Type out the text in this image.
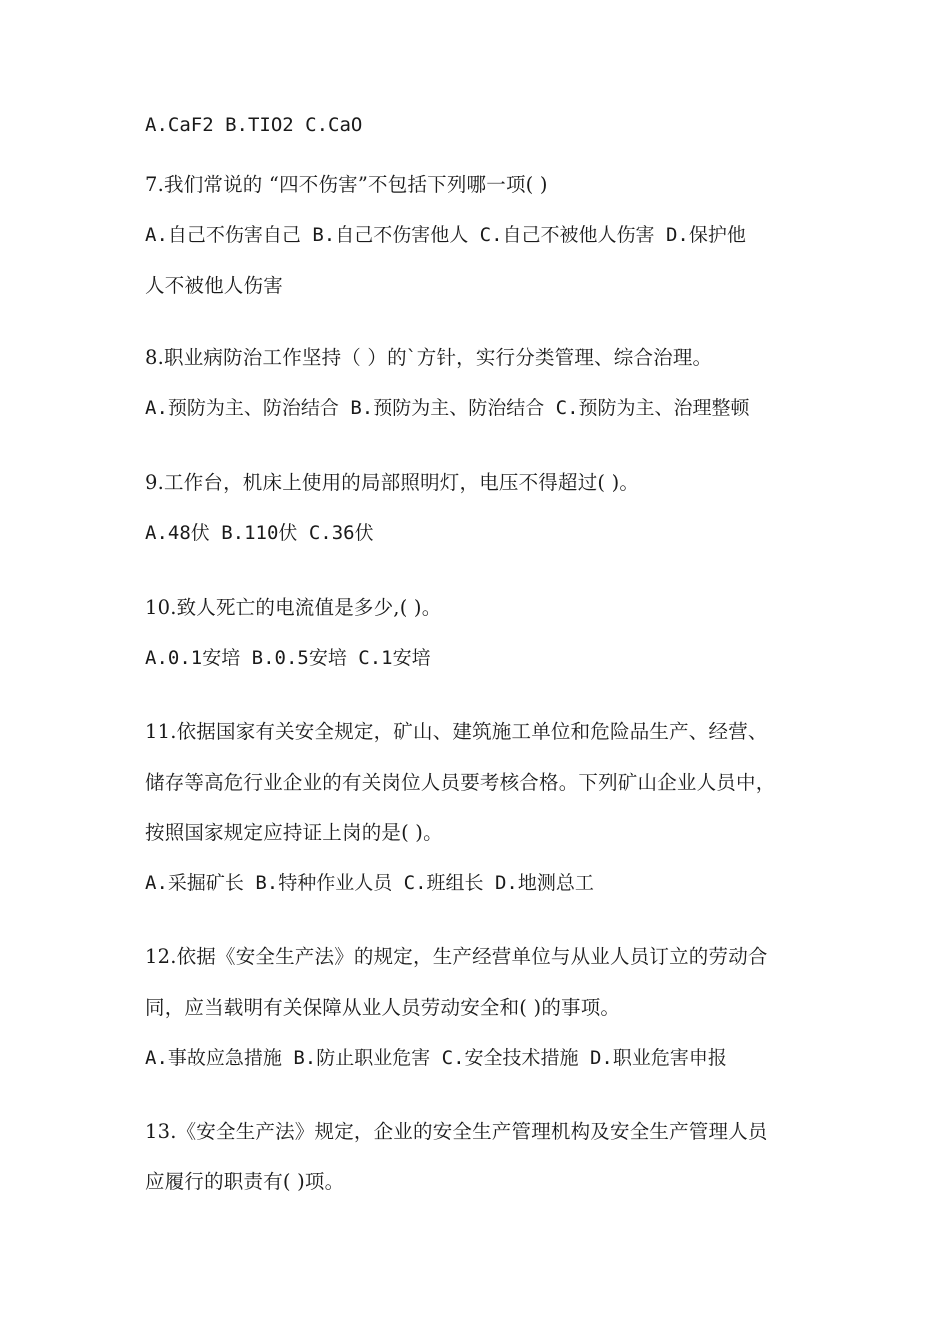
A.CaF2 B.TIO2 C.CaO
7.我们常说的 “四不伤害”不包括下列哪一项( )
A.自己不伤害自己 B.自己不伤害他人 C.自己不被他人伤害 D.保护他
人不被他人伤害
8.职业病防治工作坚持（ ）的`方针，实行分类管理、综合治理。
A.预防为主、防治结合 B.预防为主、防治结合 C.预防为主、治理整顿
9.工作台，机床上使用的局部照明灯，电压不得超过( )。
A.48伏 B.110伏 C.36伏
10.致人死亡的电流值是多少,( )。
A.0.1安培 B.0.5安培 C.1安培
11.依据国家有关安全规定，矿山、建筑施工单位和危险品生产、经营、
储存等高危行业企业的有关岗位人员要考核合格。下列矿山企业人员中，
按照国家规定应持证上岗的是( )。
A.采掘矿长 B.特种作业人员 C.班组长 D.地测总工
12.依据《安全生产法》的规定，生产经营单位与从业人员订立的劳动合
同，应当载明有关保障从业人员劳动安全和( )的事项。
A.事故应急措施 B.防止职业危害 C.安全技术措施 D.职业危害申报
13.《安全生产法》规定，企业的安全生产管理机构及安全生产管理人员
应履行的职责有( )项。
